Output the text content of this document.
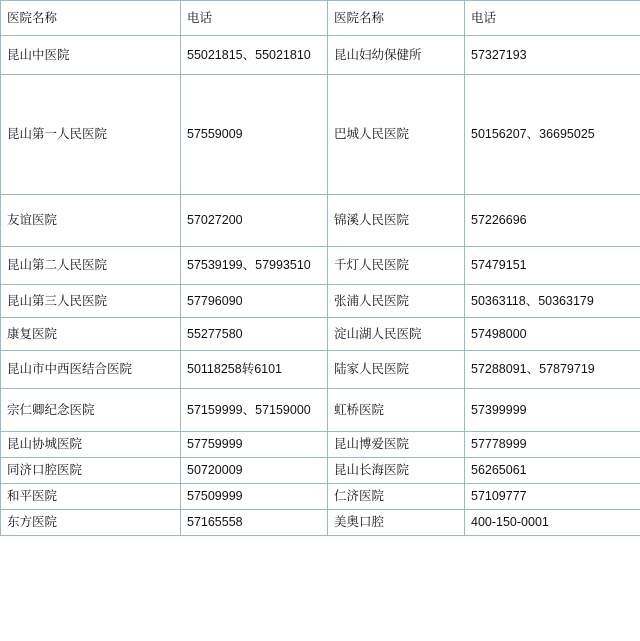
医院名称	电话	医院名称	电话
昆山中医院	55021815、55021810	昆山妇幼保健所	57327193
昆山第一人民医院	57559009	巴城人民医院	50156207、36695025
友谊医院	57027200	锦溪人民医院	57226696
昆山第二人民医院	57539199、57993510	千灯人民医院	57479151
昆山第三人民医院	57796090	张浦人民医院	50363118、50363179
康复医院	55277580	淀山湖人民医院	57498000
昆山市中西医结合医院	50118258转6101	陆家人民医院	57288091、57879719
宗仁卿纪念医院	57159999、57159000	虹桥医院	57399999
昆山协城医院	57759999	昆山博爱医院	57778999
同济口腔医院	50720009	昆山长海医院	56265061
和平医院	57509999	仁济医院	57109777
东方医院	57165558	美奥口腔	400-150-0001
